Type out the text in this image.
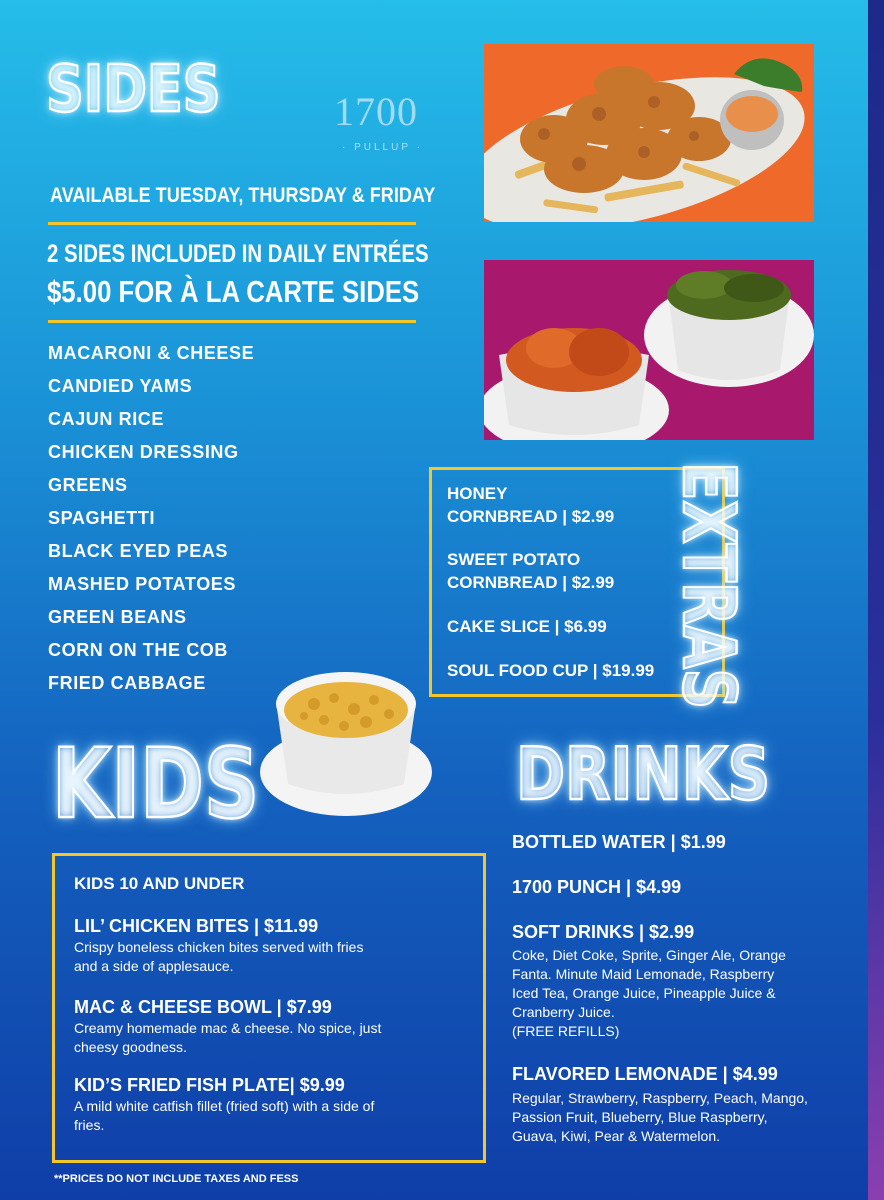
SIDES	1700
· PULLUP ·
AVAILABLE TUESDAY, THURSDAY & FRIDAY
2 SIDES INCLUDED IN DAILY ENTRÉES
$5.00 FOR À LA CARTE SIDES
MACARONI & CHEESE
CANDIED YAMS
CAJUN RICE
CHICKEN DRESSING
GREENS
SPAGHETTI
BLACK EYED PEAS
MASHED POTATOES
GREEN BEANS
CORN ON THE COB
FRIED CABBAGE
HONEY
CORNBREAD | $2.99
SWEET POTATO
CORNBREAD | $2.99
CAKE SLICE | $6.99
SOUL FOOD CUP | $19.99 EXTRAS
KIDS	DRINKS
KIDS 10 AND UNDER
LIL’ CHICKEN BITES | $11.99
Crispy boneless chicken bites served with fries
and a side of applesauce.
MAC & CHEESE BOWL | $7.99
Creamy homemade mac & cheese. No spice, just
cheesy goodness.
KID’S FRIED FISH PLATE| $9.99
A mild white catfish fillet (fried soft) with a side of
fries.
BOTTLED WATER | $1.99
1700 PUNCH | $4.99
SOFT DRINKS | $2.99
Coke, Diet Coke, Sprite, Ginger Ale, Orange
Fanta. Minute Maid Lemonade, Raspberry
Iced Tea, Orange Juice, Pineapple Juice &
Cranberry Juice.
(FREE REFILLS)
FLAVORED LEMONADE | $4.99
Regular, Strawberry, Raspberry, Peach, Mango,
Passion Fruit, Blueberry, Blue Raspberry,
Guava, Kiwi, Pear & Watermelon.
**PRICES DO NOT INCLUDE TAXES AND FESS
